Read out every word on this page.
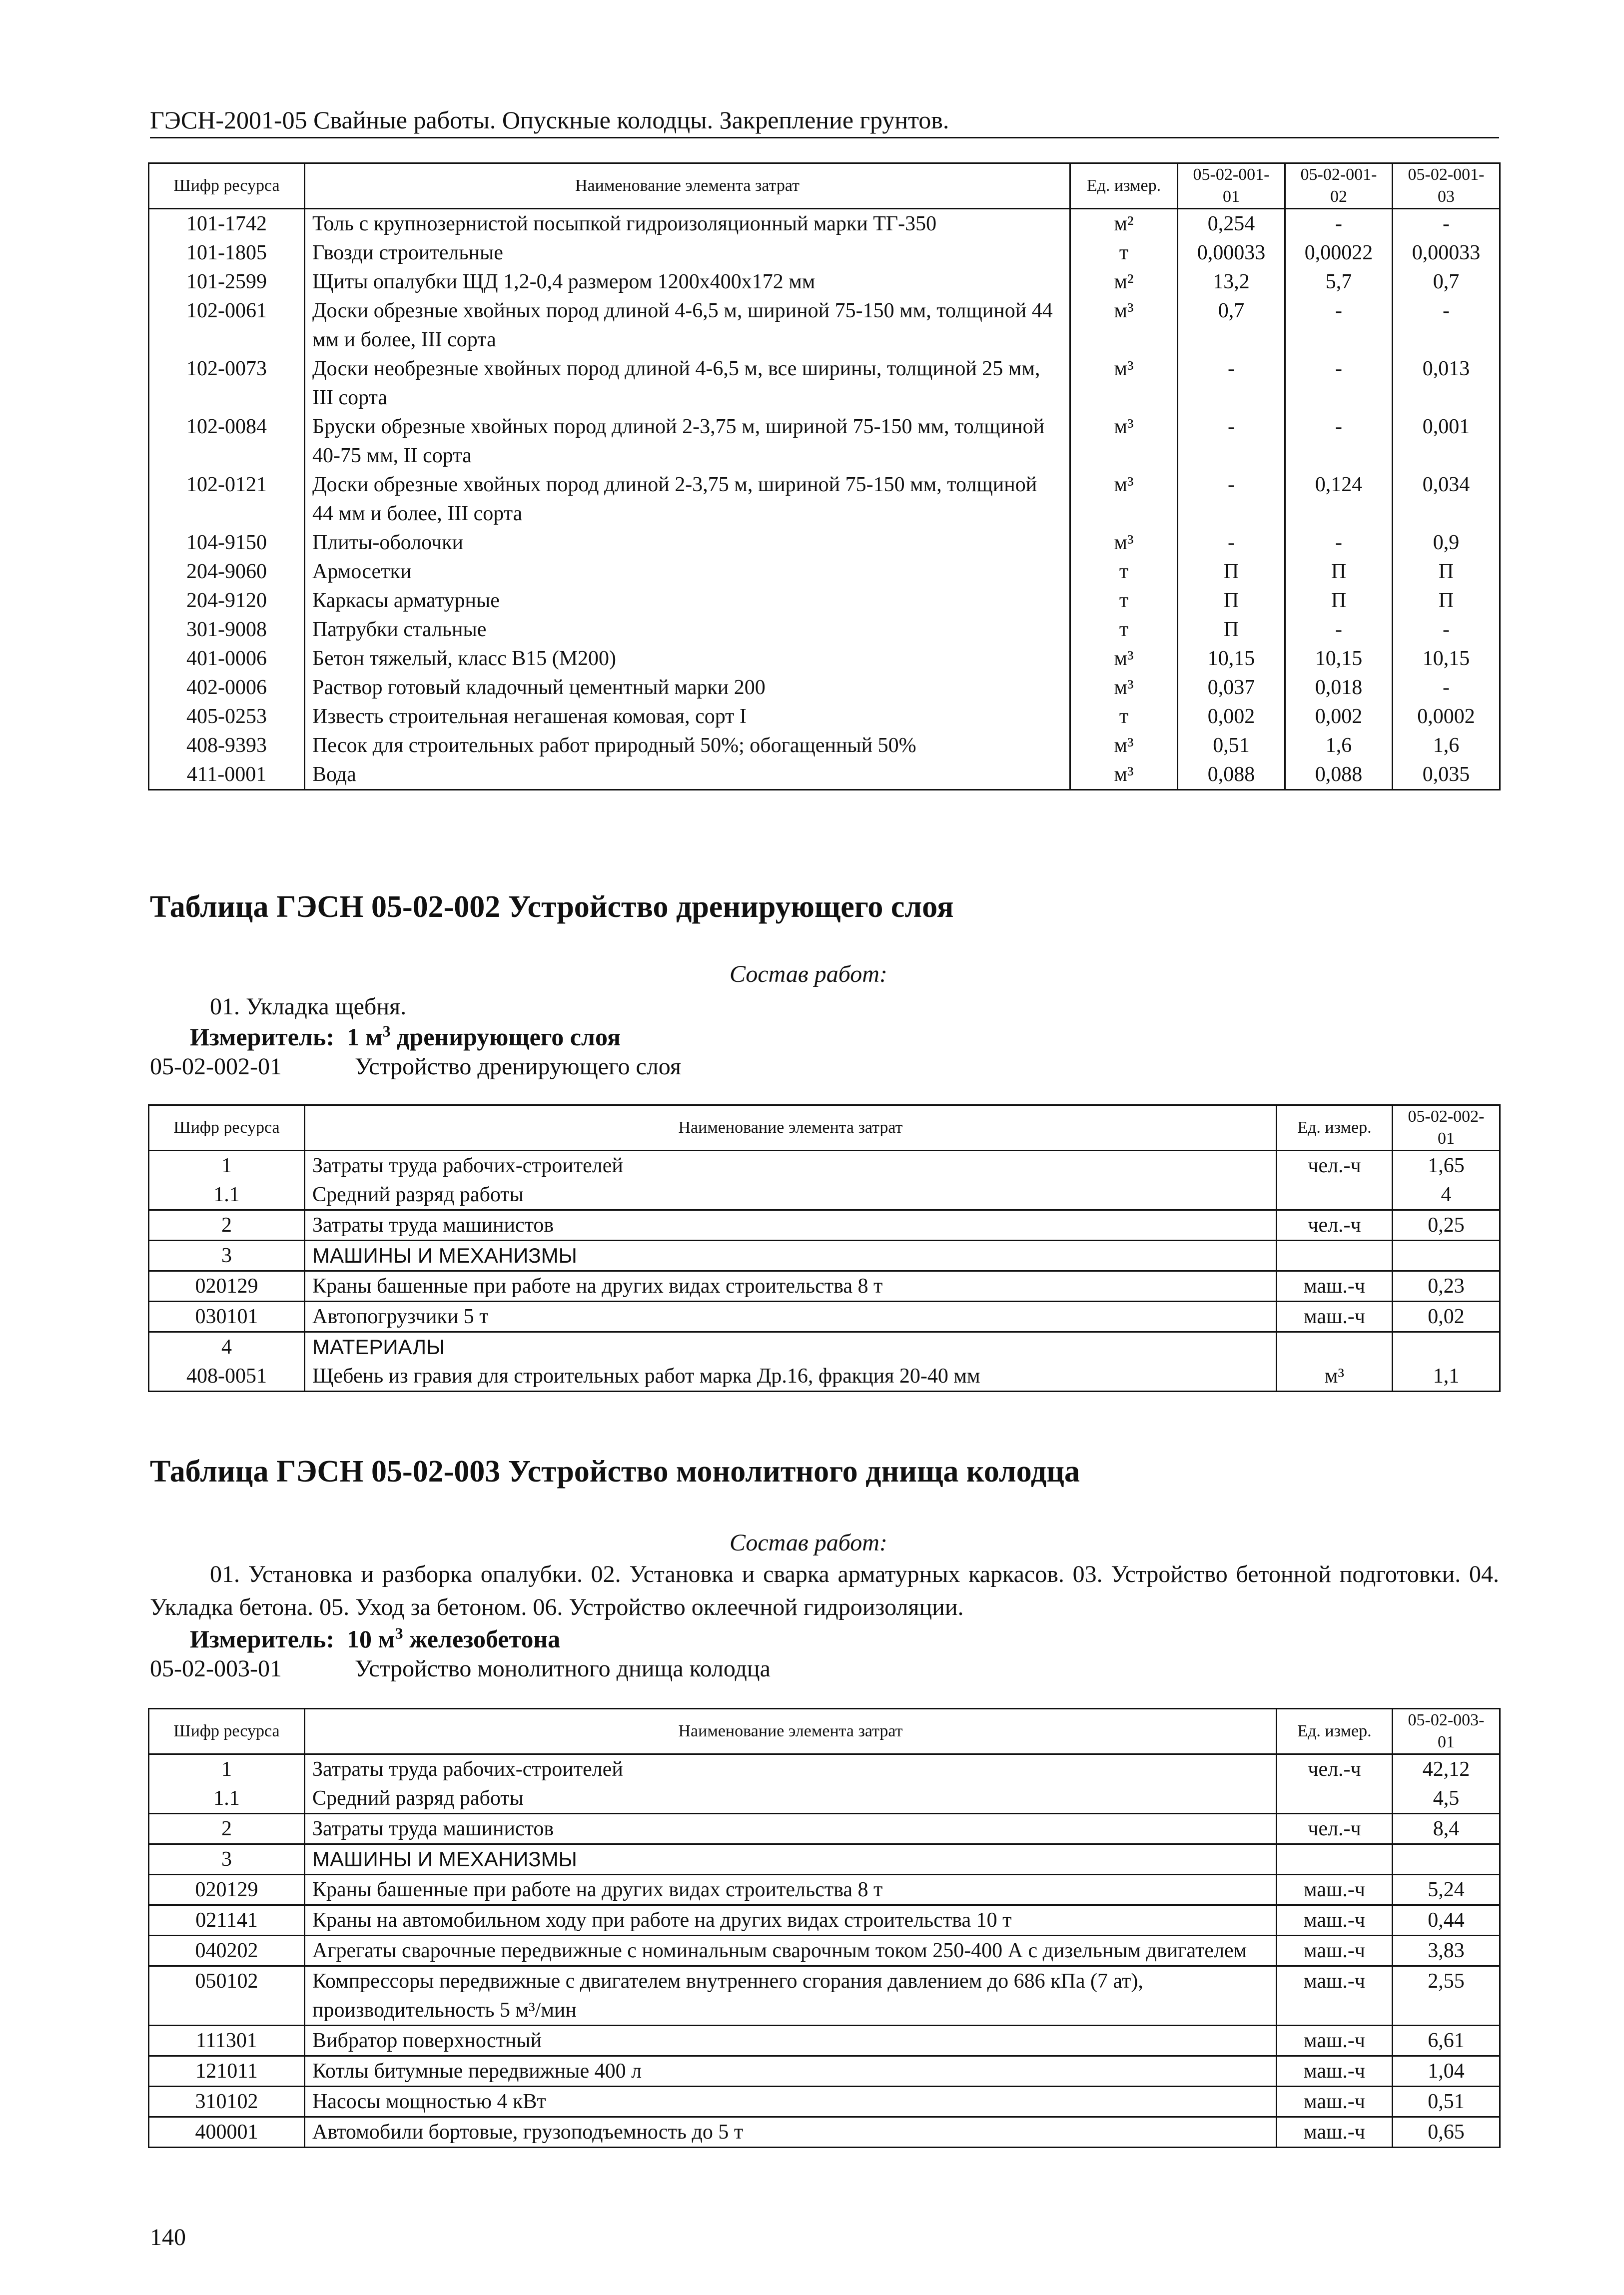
ГЭСН-2001-05 Свайные работы. Опускные колодцы. Закрепление грунтов.
Шифр ресурса	Наименование элемента затрат	Ед. измер.	05-02-001-01	05-02-001-02	05-02-001-03
101-1742	Толь с крупнозернистой посыпкой гидроизоляционный марки ТГ-350	м²	0,254	-	-
101-1805	Гвозди строительные	т	0,00033	0,00022	0,00033
101-2599	Щиты опалубки ЩД 1,2-0,4 размером 1200х400х172 мм	м²	13,2	5,7	0,7
102-0061	Доски обрезные хвойных пород длиной 4-6,5 м, шириной 75-150 мм, толщиной 44 мм и более, III сорта	м³	0,7	-	-
102-0073	Доски необрезные хвойных пород длиной 4-6,5 м, все ширины, толщиной 25 мм, III сорта	м³	-	-	0,013
102-0084	Бруски обрезные хвойных пород длиной 2-3,75 м, шириной 75-150 мм, толщиной 40-75 мм, II сорта	м³	-	-	0,001
102-0121	Доски обрезные хвойных пород длиной 2-3,75 м, шириной 75-150 мм, толщиной 44 мм и более, III сорта	м³	-	0,124	0,034
104-9150	Плиты-оболочки	м³	-	-	0,9
204-9060	Армосетки	т	П	П	П
204-9120	Каркасы арматурные	т	П	П	П
301-9008	Патрубки стальные	т	П	-	-
401-0006	Бетон тяжелый, класс В15 (М200)	м³	10,15	10,15	10,15
402-0006	Раствор готовый кладочный цементный марки 200	м³	0,037	0,018	-
405-0253	Известь строительная негашеная комовая, сорт I	т	0,002	0,002	0,0002
408-9393	Песок для строительных работ природный 50%; обогащенный 50%	м³	0,51	1,6	1,6
411-0001	Вода	м³	0,088	0,088	0,035
Таблица ГЭСН 05-02-002 Устройство дренирующего слоя
Состав работ:
01. Укладка щебня.
Измеритель: 1 $м^3$ дренирующего слоя
05-02-002-01	Устройство дренирующего слоя
Шифр ресурса	Наименование элемента затрат	Ед. измер.	05-02-002-01
1	Затраты труда рабочих-строителей	чел.-ч	1,65
1.1	Средний разряд работы		4
2	Затраты труда машинистов	чел.-ч	0,25
3	МАШИНЫ И МЕХАНИЗМЫ		
020129	Краны башенные при работе на других видах строительства 8 т	маш.-ч	0,23
030101	Автопогрузчики 5 т	маш.-ч	0,02
4	МАТЕРИАЛЫ		
408-0051	Щебень из гравия для строительных работ марка Др.16, фракция 20-40 мм	м³	1,1
Таблица ГЭСН 05-02-003 Устройство монолитного днища колодца
Состав работ:
01. Установка и разборка опалубки. 02. Установка и сварка арматурных каркасов. 03. Устройство бетонной подготовки. 04. Укладка бетона. 05. Уход за бетоном. 06. Устройство оклеечной гидроизоляции.
Измеритель: 10 $м^3$ железобетона
05-02-003-01	Устройство монолитного днища колодца
Шифр ресурса	Наименование элемента затрат	Ед. измер.	05-02-003-01
1	Затраты труда рабочих-строителей	чел.-ч	42,12
1.1	Средний разряд работы		4,5
2	Затраты труда машинистов	чел.-ч	8,4
3	МАШИНЫ И МЕХАНИЗМЫ		
020129	Краны башенные при работе на других видах строительства 8 т	маш.-ч	5,24
021141	Краны на автомобильном ходу при работе на других видах строительства 10 т	маш.-ч	0,44
040202	Агрегаты сварочные передвижные с номинальным сварочным током 250-400 А с дизельным двигателем	маш.-ч	3,83
050102	Компрессоры передвижные с двигателем внутреннего сгорания давлением до 686 кПа (7 ат), производительность 5 м³/мин	маш.-ч	2,55
111301	Вибратор поверхностный	маш.-ч	6,61
121011	Котлы битумные передвижные 400 л	маш.-ч	1,04
310102	Насосы мощностью 4 кВт	маш.-ч	0,51
400001	Автомобили бортовые, грузоподъемность до 5 т	маш.-ч	0,65
140
